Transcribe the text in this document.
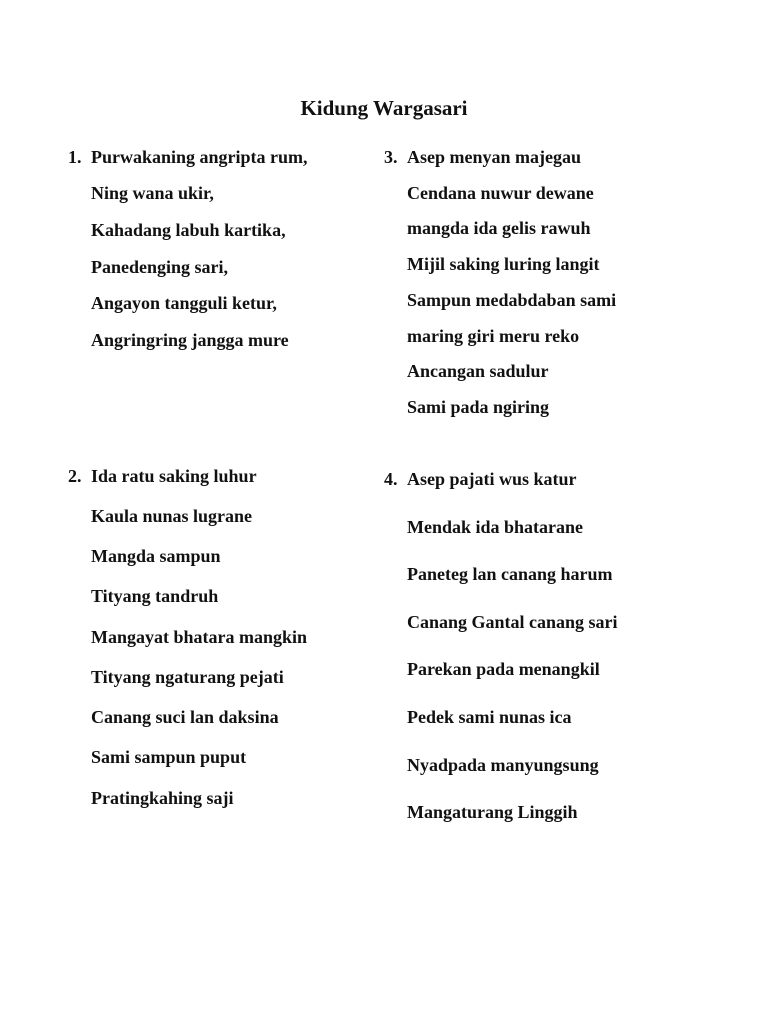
Kidung Wargasari
1. Purwakaning angripta rum,
Ning wana ukir,
Kahadang labuh kartika,
Panedenging sari,
Angayon tangguli ketur,
Angringring jangga mure
2. Ida ratu saking luhur
Kaula nunas lugrane
Mangda sampun
Tityang tandruh
Mangayat bhatara mangkin
Tityang ngaturang pejati
Canang suci lan daksina
Sami sampun puput
Pratingkahing saji
3. Asep menyan majegau
Cendana nuwur dewane
mangda ida gelis rawuh
Mijil saking luring langit
Sampun medabdaban sami
maring giri meru reko
Ancangan sadulur
Sami pada ngiring
4. Asep pajati wus katur
Mendak ida bhatarane
Paneteg lan canang harum
Canang Gantal canang sari
Parekan pada menangkil
Pedek sami nunas ica
Nyadpada manyungsung
Mangaturang Linggih
